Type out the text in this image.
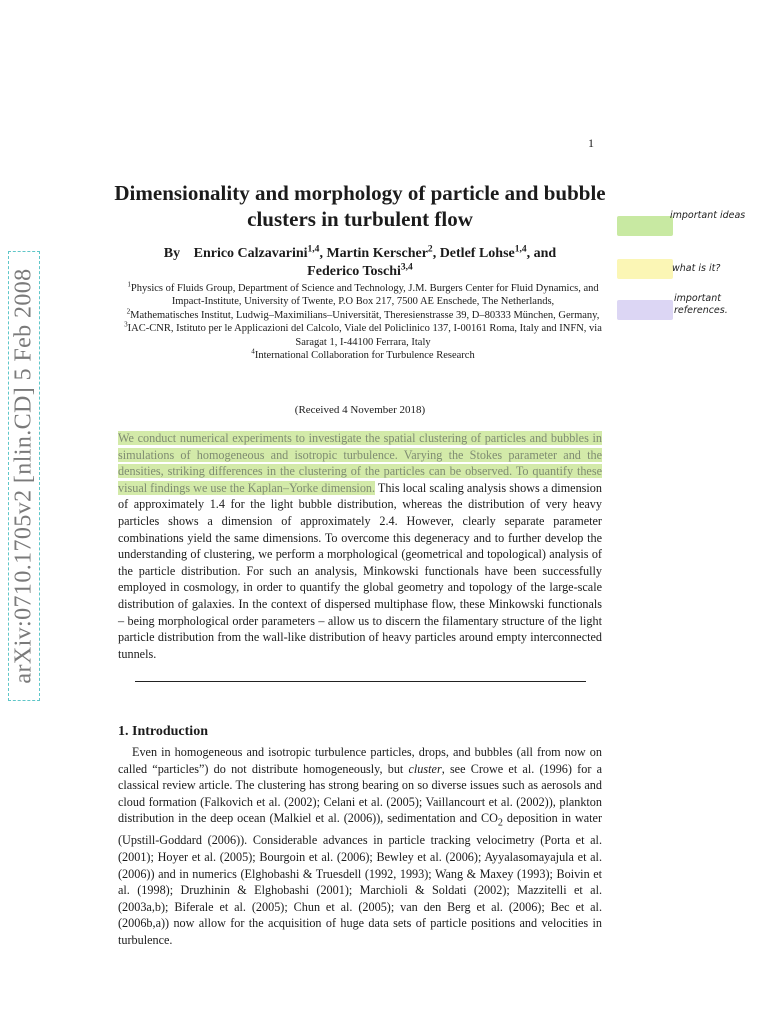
1
arXiv:0710.1705v2 [nlin.CD] 5 Feb 2008
Dimensionality and morphology of particle and bubble clusters in turbulent flow
By Enrico Calzavarini$^{1,4}$, Martin Kerscher$^2$, Detlef Lohse$^{1,4}$, and
Federico Toschi$^{3,4}$
$^1$Physics of Fluids Group, Department of Science and Technology, J.M. Burgers Center for Fluid Dynamics, and Impact-Institute, University of Twente, P.O Box 217, 7500 AE Enschede, The Netherlands,
$^2$Mathematisches Institut, Ludwig–Maximilians–Universität, Theresienstrasse 39, D–80333 München, Germany,
$^3$IAC-CNR, Istituto per le Applicazioni del Calcolo, Viale del Policlinico 137, I-00161 Roma, Italy and INFN, via Saragat 1, I-44100 Ferrara, Italy
$^4$International Collaboration for Turbulence Research
(Received 4 November 2018)

We conduct numerical experiments to investigate the spatial clustering of particles and bubbles in simulations of homogeneous and isotropic turbulence. Varying the Stokes parameter and the densities, striking differences in the clustering of the particles can be observed. To quantify these visual findings we use the Kaplan–Yorke dimension. This local scaling analysis shows a dimension of approximately 1.4 for the light bubble distribution, whereas the distribution of very heavy particles shows a dimension of approximately 2.4. However, clearly separate parameter combinations yield the same dimensions. To overcome this degeneracy and to further develop the understanding of clustering, we perform a morphological (geometrical and topological) analysis of the particle distribution. For such an analysis, Minkowski functionals have been successfully employed in cosmology, in order to quantify the global geometry and topology of the large-scale distribution of galaxies. In the context of dispersed multiphase flow, these Minkowski functionals – being morphological order parameters – allow us to discern the filamentary structure of the light particle distribution from the wall-like distribution of heavy particles around empty interconnected tunnels.

1. Introduction

Even in homogeneous and isotropic turbulence particles, drops, and bubbles (all from now on called “particles”) do not distribute homogeneously, but cluster, see Crowe et al. (1996) for a classical review article. The clustering has strong bearing on so diverse issues such as aerosols and cloud formation (Falkovich et al. (2002); Celani et al. (2005); Vaillancourt et al. (2002)), plankton distribution in the deep ocean (Malkiel et al. (2006)), sedimentation and $CO_2$ deposition in water (Upstill-Goddard (2006)). Considerable advances in particle tracking velocimetry (Porta et al. (2001); Hoyer et al. (2005); Bourgoin et al. (2006); Bewley et al. (2006); Ayyalasomayajula et al. (2006)) and in numerics (Elghobashi & Truesdell (1992, 1993); Wang & Maxey (1993); Boivin et al. (1998); Druzhinin & Elghobashi (2001); Marchioli & Soldati (2002); Mazzitelli et al. (2003a,b); Biferale et al. (2005); Chun et al. (2005); van den Berg et al. (2006); Bec et al. (2006b,a)) now allow for the acquisition of huge data sets of particle positions and velocities in turbulence.

important ideas
what is it?
important references.
